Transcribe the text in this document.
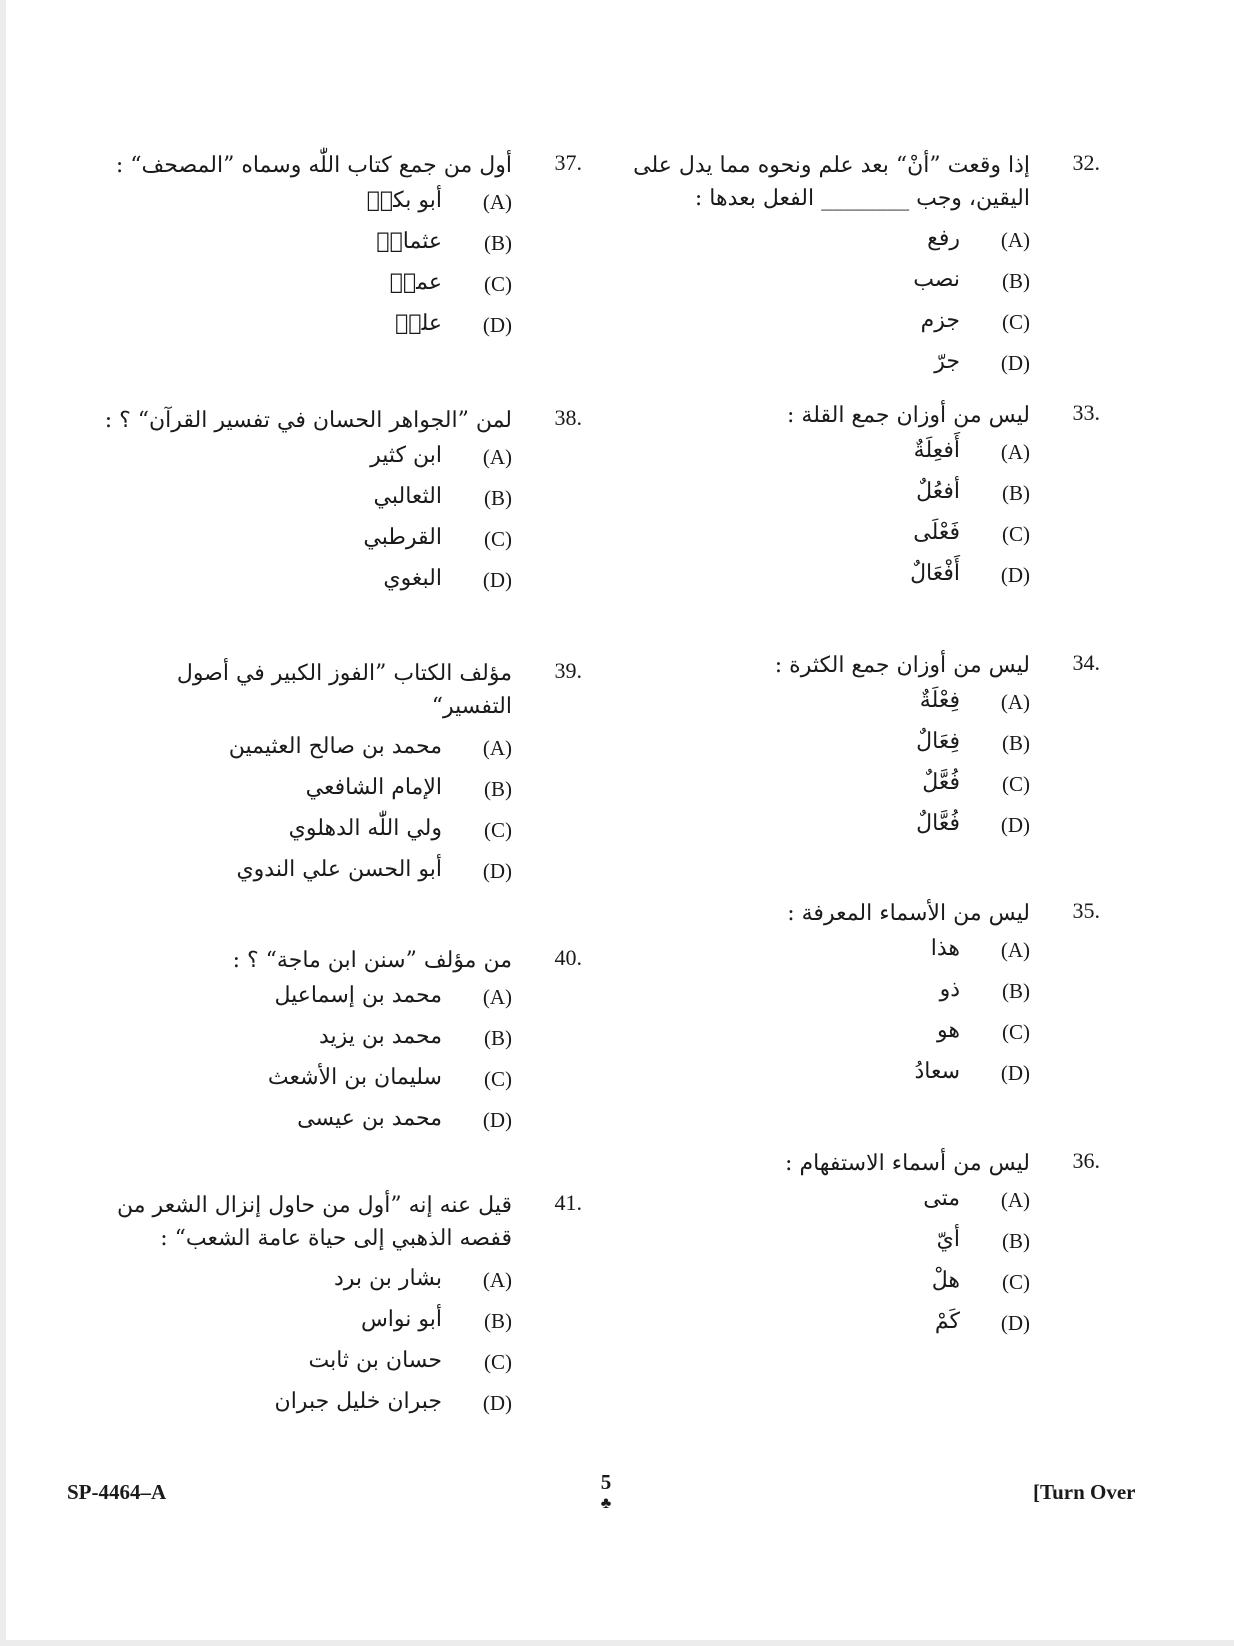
32.
إذا وقعت ”أنْ“ بعد علم ونحوه مما يدل على
اليقين، وجب ________ الفعل بعدها :
(A)
رفع
(B)
نصب
(C)
جزم
(D)
جرّ
33.
ليس من أوزان جمع القلة :
(A)
أَفعِلَةٌ
(B)
أفعُلٌ
(C)
فَعْلَى
(D)
أَفْعَالٌ
34.
ليس من أوزان جمع الكثرة :
(A)
فِعْلَةٌ
(B)
فِعَالٌ
(C)
فُعَّلٌ
(D)
فُعَّالٌ
35.
ليس من الأسماء المعرفة :
(A)
هذا
(B)
ذو
(C)
هو
(D)
سعادُ
36.
ليس من أسماء الاستفهام :
(A)
متى
(B)
أيّ
(C)
هلْ
(D)
كَمْ
37.
أول من جمع كتاب اللّٰه وسماه ”المصحف“ :
(A)
أبو بكرؓ
(B)
عثمانؓ
(C)
عمرؓ
(D)
عليؓ
38.
لمن ”الجواهر الحسان في تفسير القرآن“ ؟ :
(A)
ابن كثير
(B)
الثعالبي
(C)
القرطبي
(D)
البغوي
39.
مؤلف الكتاب ”الفوز الكبير في أصول
التفسير“
(A)
محمد بن صالح العثيمين
(B)
الإمام الشافعي
(C)
ولي اللّٰه الدهلوي
(D)
أبو الحسن علي الندوي
40.
من مؤلف ”سنن ابن ماجة“ ؟ :
(A)
محمد بن إسماعيل
(B)
محمد بن يزيد
(C)
سليمان بن الأشعث
(D)
محمد بن عيسى
41.
قيل عنه إنه ”أول من حاول إنزال الشعر من
قفصه الذهبي إلى حياة عامة الشعب“ :
(A)
بشار بن برد
(B)
أبو نواس
(C)
حسان بن ثابت
(D)
جبران خليل جبران
SP-4464–A	5
♣	[Turn Over
